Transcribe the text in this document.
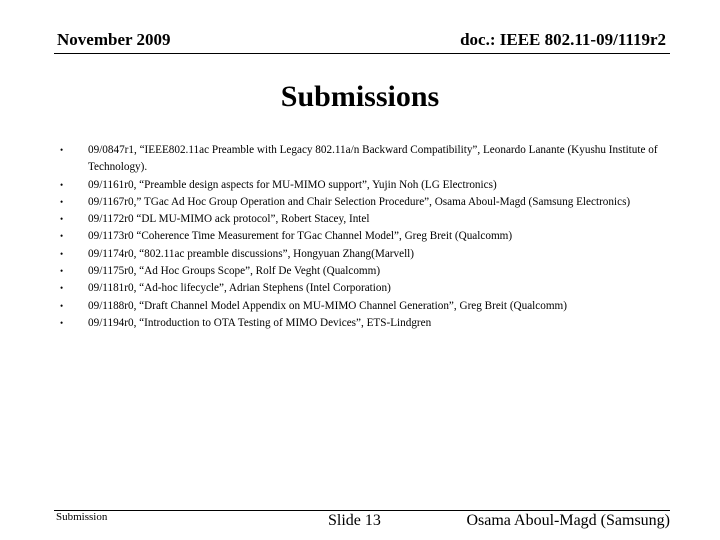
November 2009	doc.: IEEE 802.11-09/1119r2
Submissions
•	09/0847r1, “IEEE802.11ac Preamble with Legacy 802.11a/n Backward Compatibility”, Leonardo Lanante (Kyushu Institute of Technology).
•	09/1161r0, “Preamble design aspects for MU-MIMO support”, Yujin Noh (LG Electronics)
•	09/1167r0,” TGac Ad Hoc Group Operation and Chair Selection Procedure”, Osama Aboul-Magd (Samsung Electronics)
•	09/1172r0 “DL MU-MIMO ack protocol”, Robert Stacey, Intel
•	09/1173r0 “Coherence Time Measurement for TGac Channel Model”, Greg Breit (Qualcomm)
•	09/1174r0, “802.11ac preamble discussions”, Hongyuan Zhang(Marvell)
•	09/1175r0, “Ad Hoc Groups Scope”, Rolf De Veght (Qualcomm)
•	09/1181r0, “Ad-hoc lifecycle”, Adrian Stephens (Intel Corporation)
•	09/1188r0, “Draft Channel Model Appendix on MU-MIMO Channel Generation”, Greg Breit (Qualcomm)
•	09/1194r0, “Introduction to OTA Testing of MIMO Devices”, ETS-Lindgren
Submission	Slide 13	Osama Aboul-Magd (Samsung)
